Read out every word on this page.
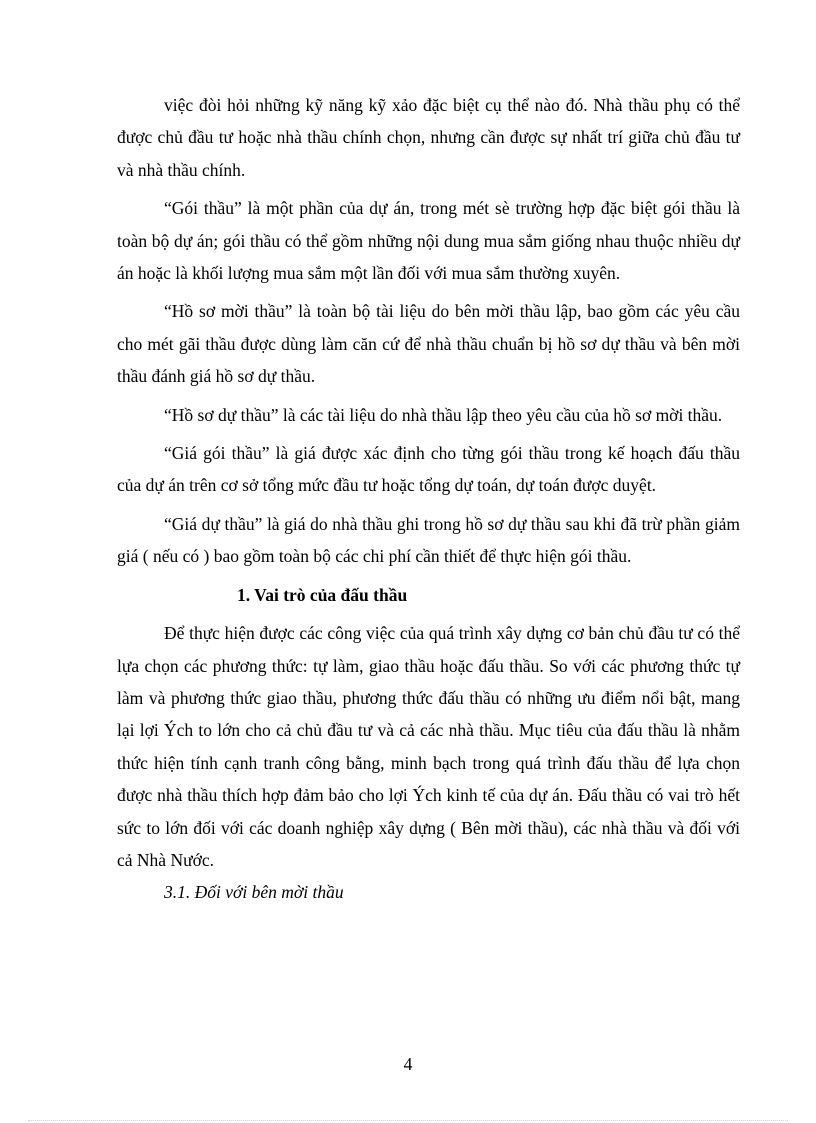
việc đòi hỏi những kỹ năng kỹ xảo đặc biệt cụ thể nào đó. Nhà thầu phụ có thể được chủ đầu tư hoặc nhà thầu chính chọn, nhưng cần được sự nhất trí giữa chủ đầu tư và nhà thầu chính.

“Gói thầu” là một phần của dự án, trong mét sè trường hợp đặc biệt gói thầu là toàn bộ dự án; gói thầu có thể gồm những nội dung mua sắm giống nhau thuộc nhiều dự án hoặc là khối lượng mua sắm một lần đối với mua sắm thường xuyên.

“Hồ sơ mời thầu” là toàn bộ tài liệu do bên mời thầu lập, bao gồm các yêu cầu cho mét gãi thầu được dùng làm căn cứ để nhà thầu chuẩn bị hồ sơ dự thầu và bên mời thầu đánh giá hồ sơ dự thầu.

“Hồ sơ dự thầu” là các tài liệu do nhà thầu lập theo yêu cầu của hồ sơ mời thầu.

“Giá gói thầu” là giá được xác định cho từng gói thầu trong kế hoạch đấu thầu của dự án trên cơ sở tổng mức đầu tư hoặc tổng dự toán, dự toán được duyệt.

“Giá dự thầu” là giá do nhà thầu ghi trong hồ sơ dự thầu sau khi đã trừ phần giảm giá ( nếu có ) bao gồm toàn bộ các chi phí cần thiết để thực hiện gói thầu.

1. Vai trò của đấu thầu

Để thực hiện được các công việc của quá trình xây dựng cơ bản chủ đầu tư có thể lựa chọn các phương thức: tự làm, giao thầu hoặc đấu thầu. So với các phương thức tự làm và phương thức giao thầu, phương thức đấu thầu có những ưu điểm nổi bật, mang lại lợi Ých to lớn cho cả chủ đầu tư và cả các nhà thầu. Mục tiêu của đấu thầu là nhằm thức hiện tính cạnh tranh công bằng, minh bạch trong quá trình đấu thầu để lựa chọn được nhà thầu thích hợp đảm bảo cho lợi Ých kinh tế của dự án. Đấu thầu có vai trò hết sức to lớn đối với các doanh nghiệp xây dựng ( Bên mời thầu), các nhà thầu và đối với cả Nhà Nước.

3.1. Đối với bên mời thầu

4
